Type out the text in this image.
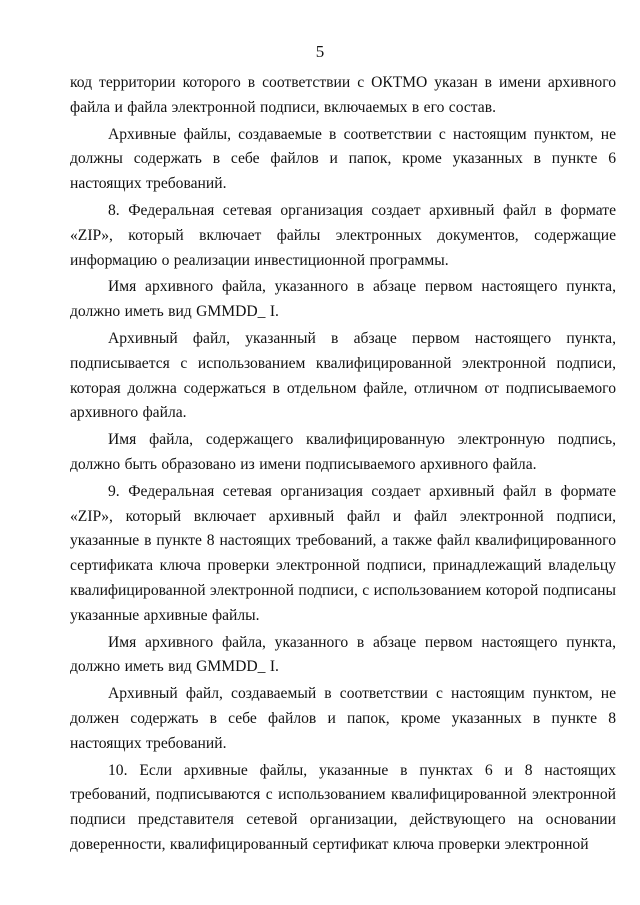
5

код территории которого в соответствии с ОКТМО указан в имени архивного файла и файла электронной подписи, включаемых в его состав.

Архивные файлы, создаваемые в соответствии с настоящим пунктом, не должны содержать в себе файлов и папок, кроме указанных в пункте 6 настоящих требований.

8. Федеральная сетевая организация создает архивный файл в формате «ZIP», который включает файлы электронных документов, содержащие информацию о реализации инвестиционной программы.

Имя архивного файла, указанного в абзаце первом настоящего пункта, должно иметь вид GMMDD_ I.

Архивный файл, указанный в абзаце первом настоящего пункта, подписывается с использованием квалифицированной электронной подписи, которая должна содержаться в отдельном файле, отличном от подписываемого архивного файла.

Имя файла, содержащего квалифицированную электронную подпись, должно быть образовано из имени подписываемого архивного файла.

9. Федеральная сетевая организация создает архивный файл в формате «ZIP», который включает архивный файл и файл электронной подписи, указанные в пункте 8 настоящих требований, а также файл квалифицированного сертификата ключа проверки электронной подписи, принадлежащий владельцу квалифицированной электронной подписи, с использованием которой подписаны указанные архивные файлы.

Имя архивного файла, указанного в абзаце первом настоящего пункта, должно иметь вид GMMDD_ I.

Архивный файл, создаваемый в соответствии с настоящим пунктом, не должен содержать в себе файлов и папок, кроме указанных в пункте 8 настоящих требований.

10. Если архивные файлы, указанные в пунктах 6 и 8 настоящих требований, подписываются с использованием квалифицированной электронной подписи представителя сетевой организации, действующего на основании доверенности, квалифицированный сертификат ключа проверки электронной
